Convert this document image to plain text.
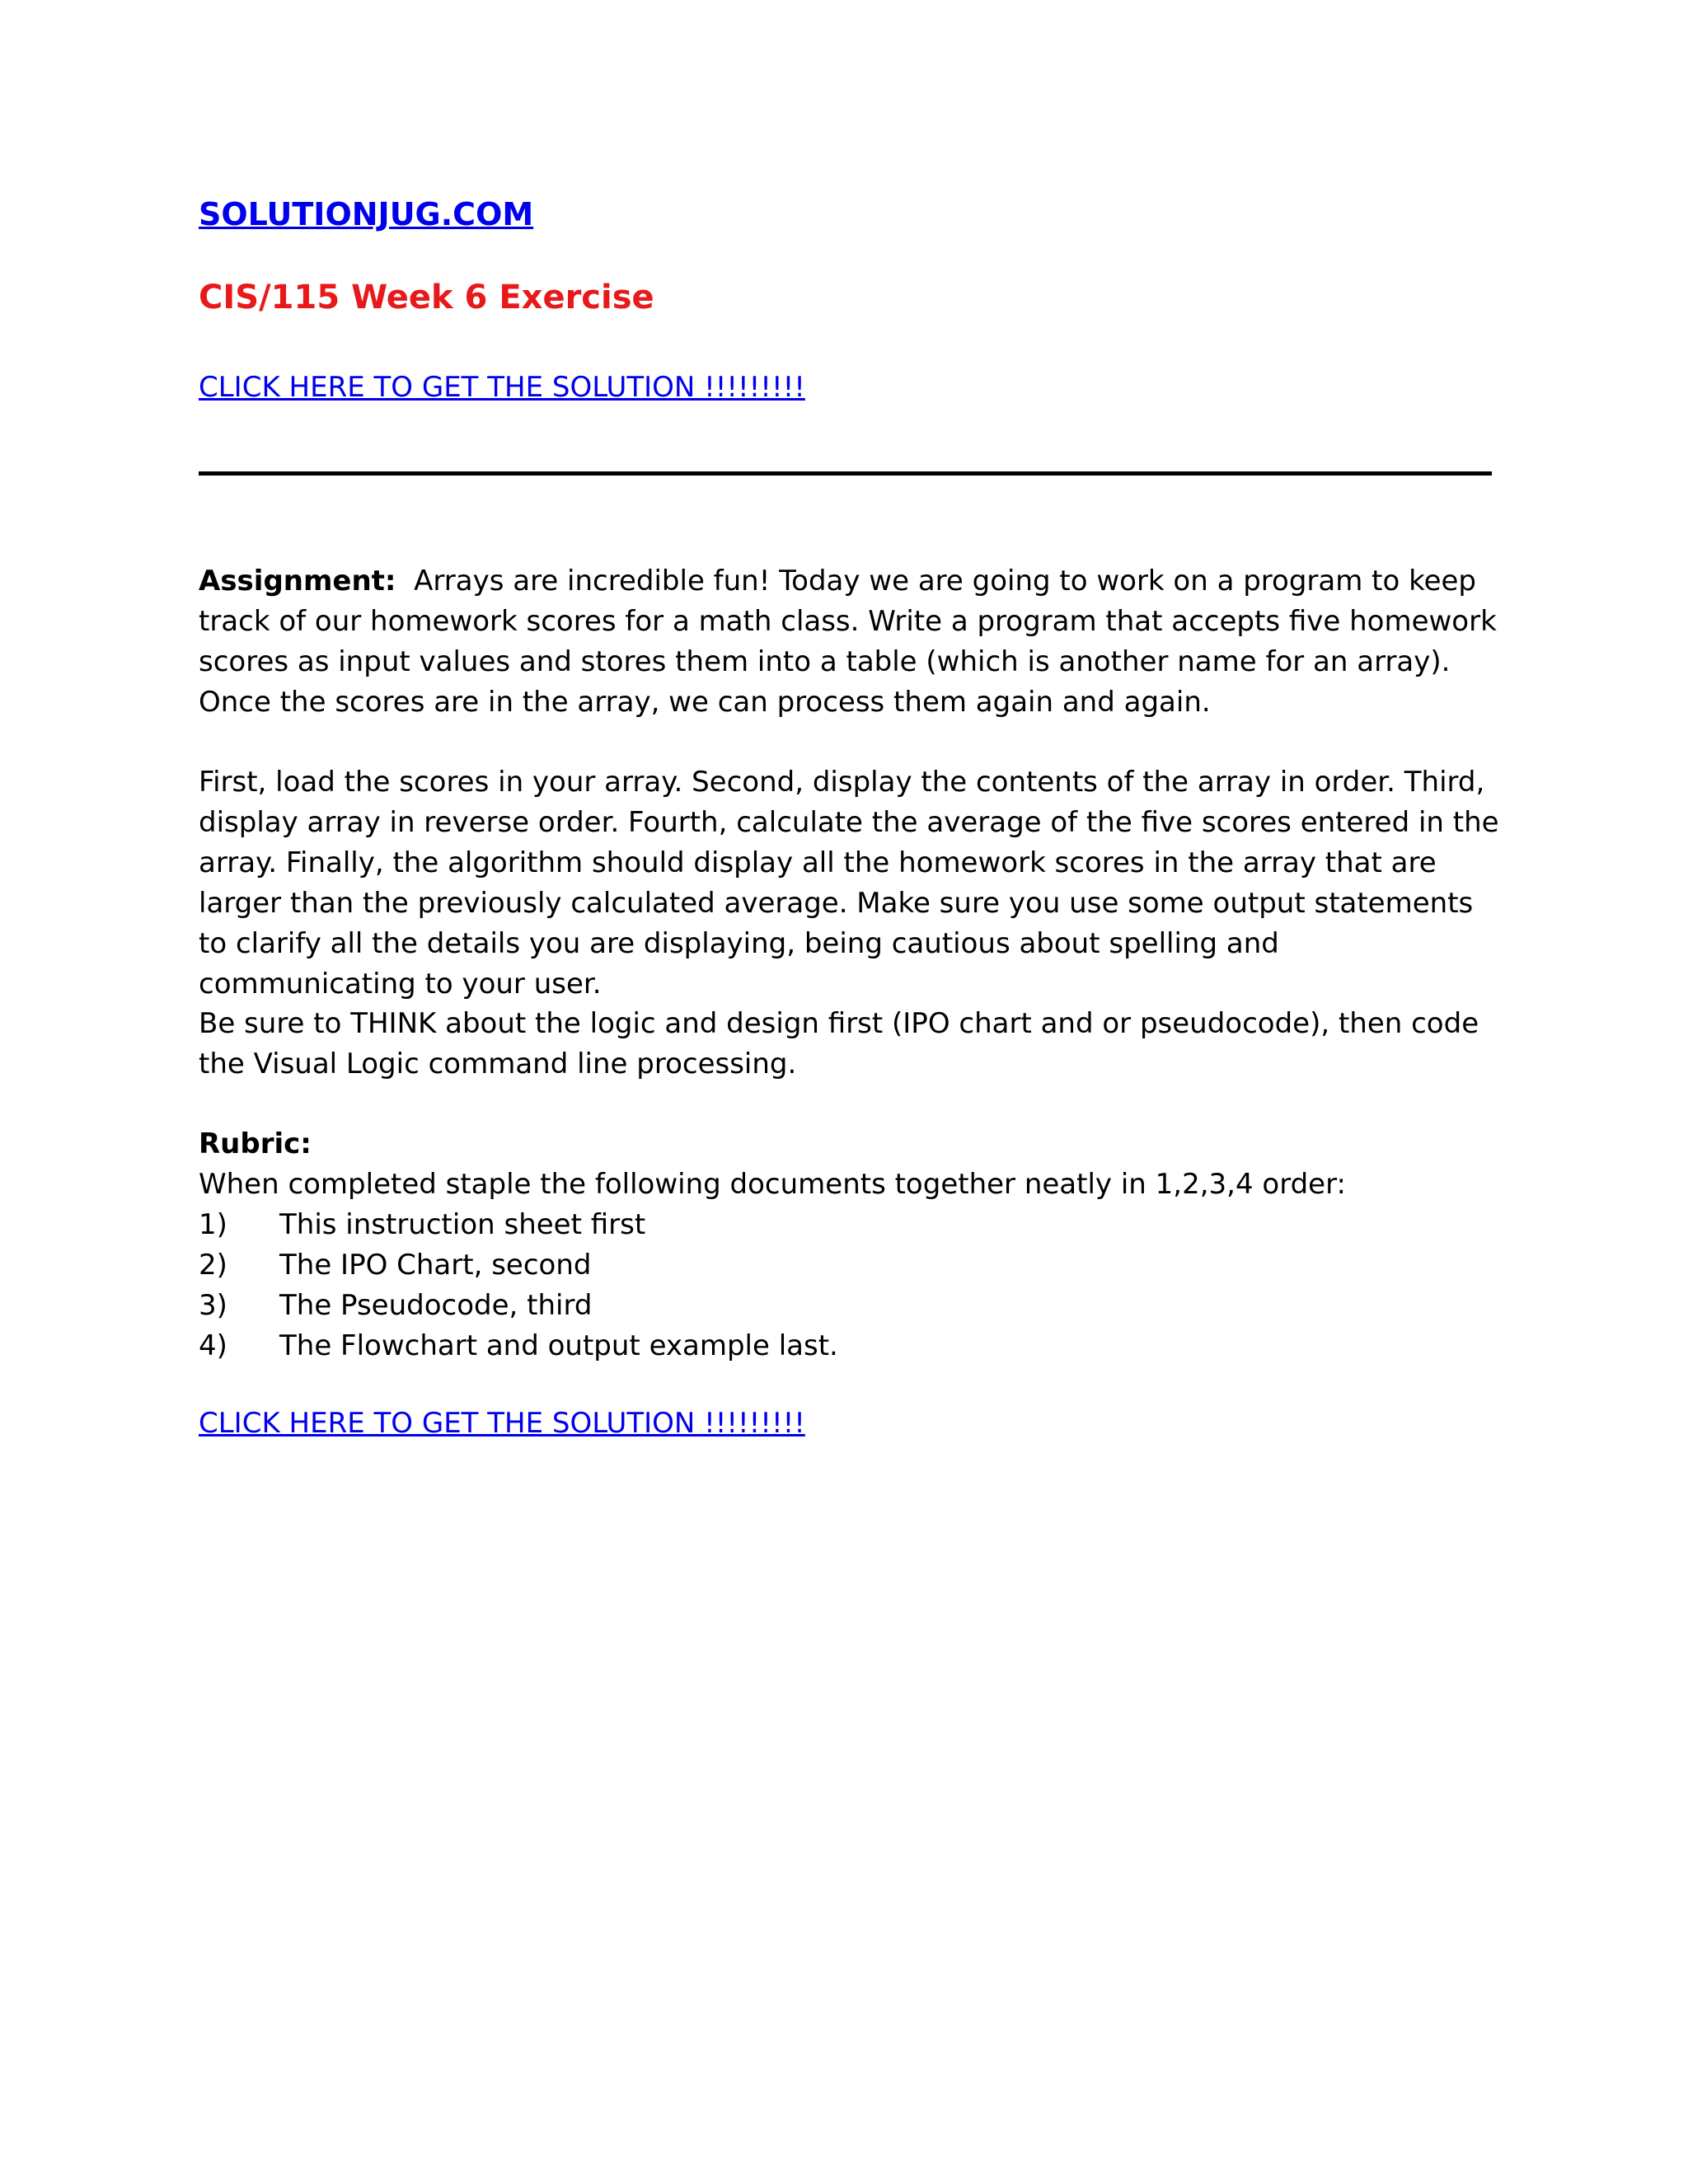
SOLUTIONJUG.COM
CIS/115 Week 6 Exercise
CLICK HERE TO GET THE SOLUTION !!!!!!!!!

Assignment: Arrays are incredible fun! Today we are going to work on a program to keep track of our homework scores for a math class. Write a program that accepts five homework scores as input values and stores them into a table (which is another name for an array). Once the scores are in the array, we can process them again and again.

First, load the scores in your array. Second, display the contents of the array in order. Third, display array in reverse order. Fourth, calculate the average of the five scores entered in the array. Finally, the algorithm should display all the homework scores in the array that are larger than the previously calculated average. Make sure you use some output statements to clarify all the details you are displaying, being cautious about spelling and communicating to your user.

Be sure to THINK about the logic and design first (IPO chart and or pseudocode), then code the Visual Logic command line processing.

Rubric:
When completed staple the following documents together neatly in 1,2,3,4 order:
1)	This instruction sheet first
2)	The IPO Chart, second
3)	The Pseudocode, third
4)	The Flowchart and output example last.
CLICK HERE TO GET THE SOLUTION !!!!!!!!!
